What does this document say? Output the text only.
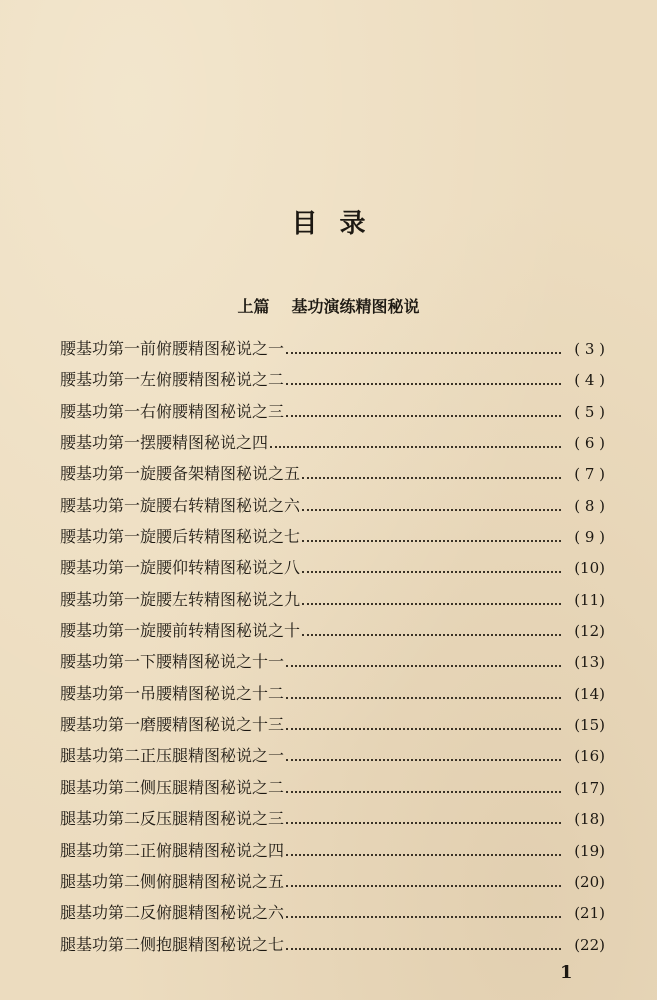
目录
上篇 基功演练精图秘说
腰基功第一前俯腰精图秘说之一	( 3 )
腰基功第一左俯腰精图秘说之二	( 4 )
腰基功第一右俯腰精图秘说之三	( 5 )
腰基功第一摆腰精图秘说之四	( 6 )
腰基功第一旋腰备架精图秘说之五	( 7 )
腰基功第一旋腰右转精图秘说之六	( 8 )
腰基功第一旋腰后转精图秘说之七	( 9 )
腰基功第一旋腰仰转精图秘说之八	(10)
腰基功第一旋腰左转精图秘说之九	(11)
腰基功第一旋腰前转精图秘说之十	(12)
腰基功第一下腰精图秘说之十一	(13)
腰基功第一吊腰精图秘说之十二	(14)
腰基功第一磨腰精图秘说之十三	(15)
腿基功第二正压腿精图秘说之一	(16)
腿基功第二侧压腿精图秘说之二	(17)
腿基功第二反压腿精图秘说之三	(18)
腿基功第二正俯腿精图秘说之四	(19)
腿基功第二侧俯腿精图秘说之五	(20)
腿基功第二反俯腿精图秘说之六	(21)
腿基功第二侧抱腿精图秘说之七	(22)
1
